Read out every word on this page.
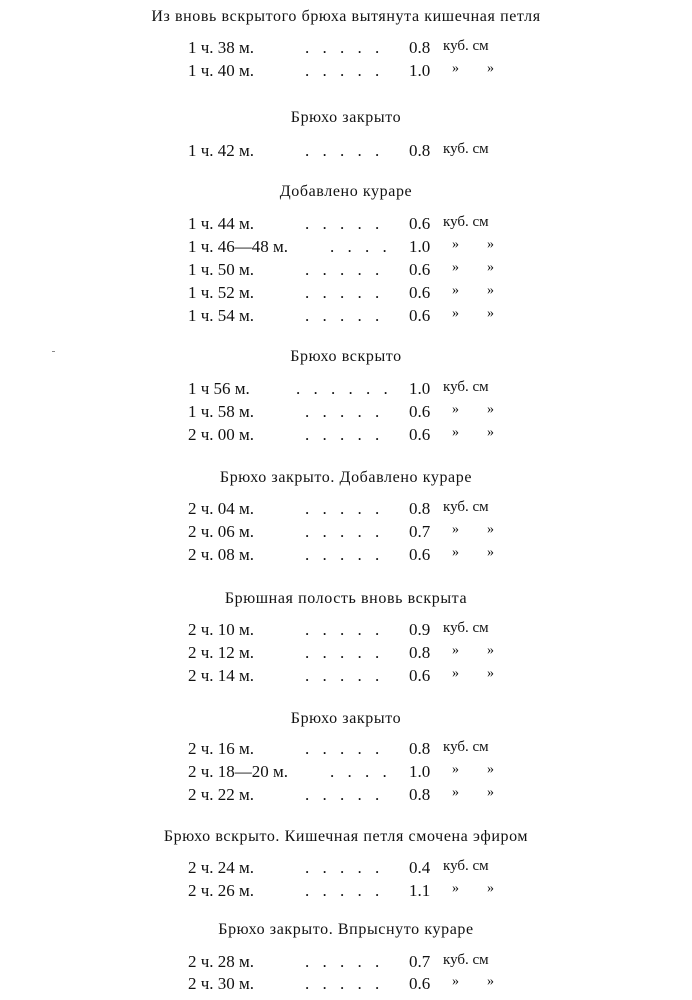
Из вновь вскрытого брюха вытянута кишечная петля
1 ч. 38 м.	. . . . . 0.8 куб. см
1 ч. 40 м.	. . . . . 1.0	» »
Брюхо закрыто
1 ч. 42 м.	. . . . . 0.8 куб. см
Добавлено кураре
1 ч. 44 м.	. . . . . 0.6 куб. см
1 ч. 46—48 м. . . . . 1.0	» »
1 ч. 50 м.	. . . . . 0.6	» »
1 ч. 52 м.	. . . . . 0.6	» »
1 ч. 54 м.	. . . . . 0.6	» »
Брюхо вскрыто
1 ч 56 м.	. . . . . . 1.0 куб. см
1 ч. 58 м.	. . . . . 0.6	» »
2 ч. 00 м.	. . . . . 0.6	» »
Брюхо закрыто. Добавлено кураре
2 ч. 04 м.	. . . . . 0.8 куб. см
2 ч. 06 м.	. . . . . 0.7	» »
2 ч. 08 м.	. . . . . 0.6	» »
Брюшная полость вновь вскрыта
2 ч. 10 м.	. . . . . 0.9 куб. см
2 ч. 12 м.	. . . . . 0.8	» »
2 ч. 14 м.	. . . . . 0.6	» »
Брюхо закрыто
2 ч. 16 м.	. . . . . 0.8 куб. см
2 ч. 18—20 м. . . . . 1.0	» »
2 ч. 22 м.	. . . . . 0.8	» »
Брюхо вскрыто. Кишечная петля смочена эфиром
2 ч. 24 м.	. . . . . 0.4 куб. см
2 ч. 26 м.	. . . . . 1.1	» »
Брюхо закрыто. Впрыснуто кураре
2 ч. 28 м.	. . . . . 0.7 куб. см
2 ч. 30 м.	. . . . . 0.6	» »
